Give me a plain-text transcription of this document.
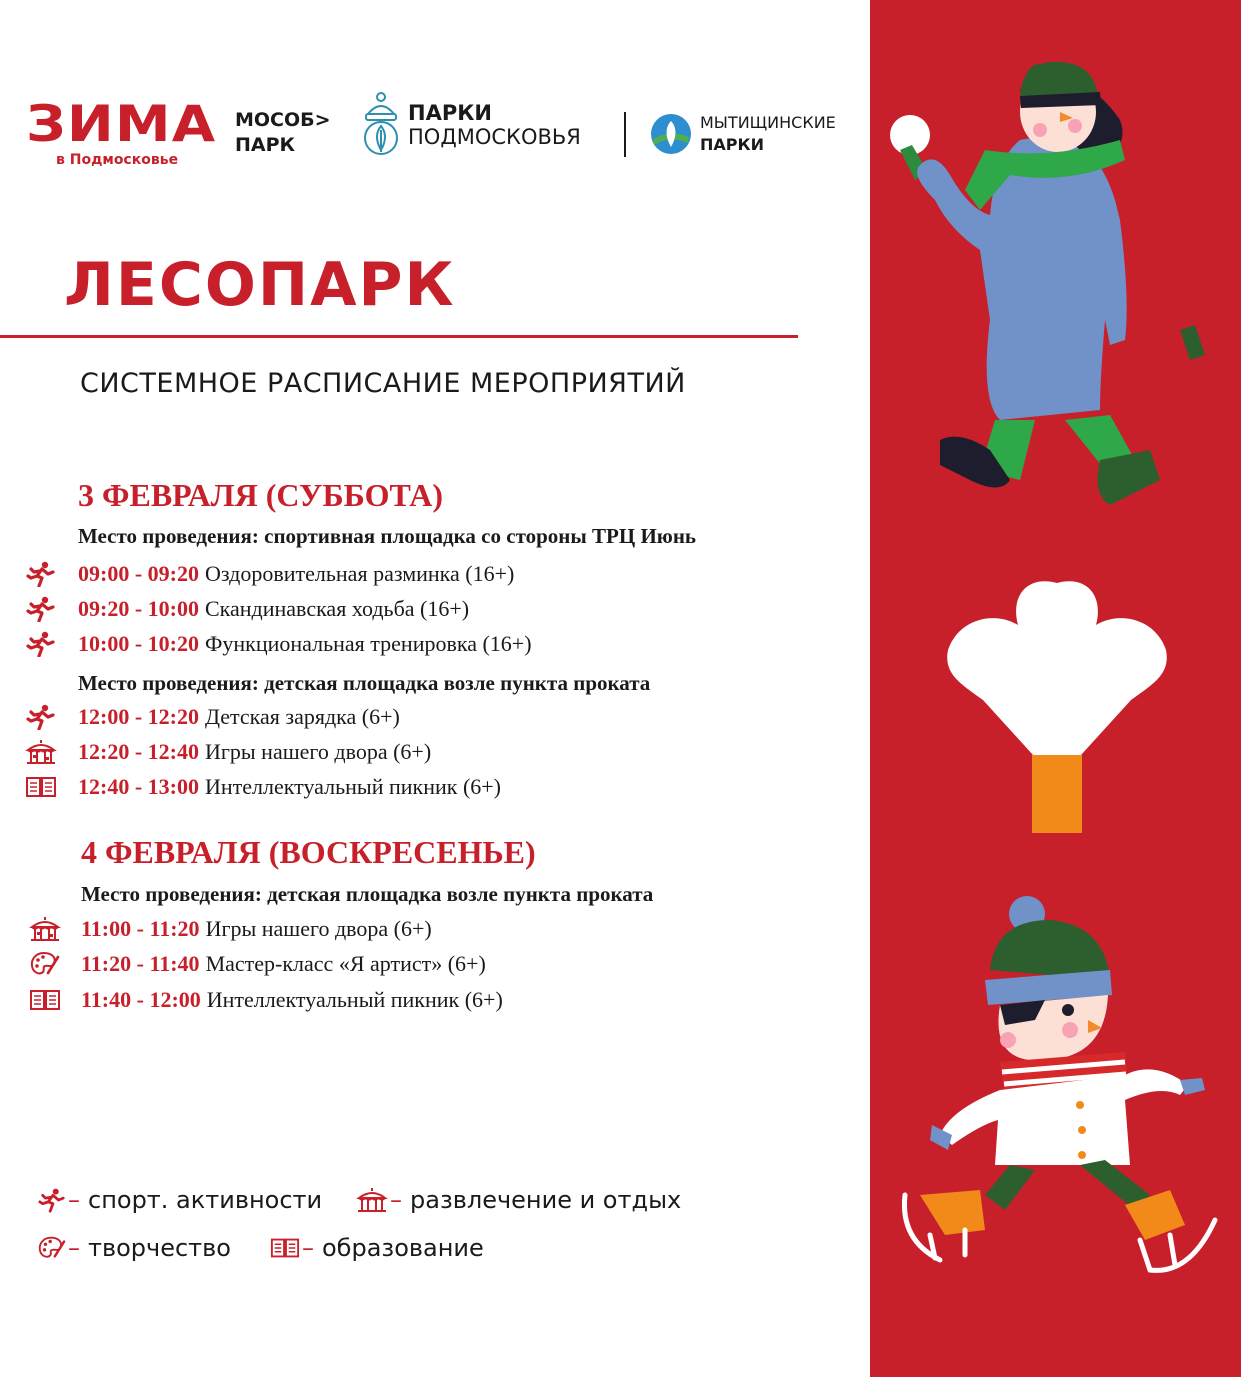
ЗИМА
в Подмосковье
МОСОБ>
ПАРК
ПАРКИ
ПОДМОСКОВЬЯ
МЫТИЩИНСКИЕ
ПАРКИ
ЛЕСОПАРК
СИСТЕМНОЕ РАСПИСАНИЕ МЕРОПРИЯТИЙ
3 ФЕВРАЛЯ (СУББОТА)
Место проведения: спортивная площадка со стороны ТРЦ Июнь
09:00 - 09:20 Оздоровительная разминка (16+)
09:20 - 10:00 Скандинавская ходьба (16+)
10:00 - 10:20 Функциональная тренировка (16+)
Место проведения: детская площадка возле пункта проката
12:00 - 12:20 Детская зарядка (6+)
12:20 - 12:40 Игры нашего двора (6+)
12:40 - 13:00 Интеллектуальный пикник (6+)
4 ФЕВРАЛЯ (ВОСКРЕСЕНЬЕ)
Место проведения: детская площадка возле пункта проката
11:00 - 11:20 Игры нашего двора (6+)
11:20 - 11:40 Мастер-класс «Я артист» (6+)
11:40 - 12:00 Интеллектуальный пикник (6+)
– спорт. активности	– развлечение и отдых
– творчество	– образование
